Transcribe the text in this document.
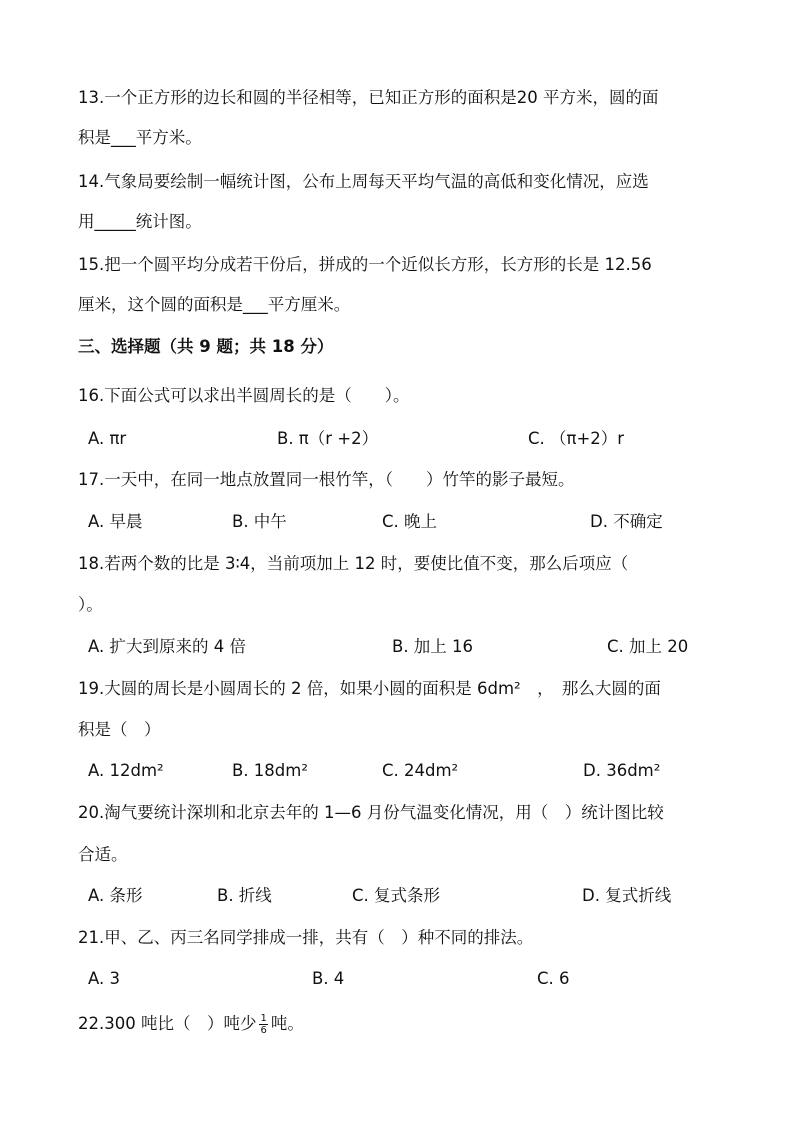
13.一个正方形的边长和圆的半径相等，已知正方形的面积是20 平方米，圆的面
积是___平方米。
14.气象局要绘制一幅统计图，公布上周每天平均气温的高低和变化情况，应选
用_____统计图。
15.把一个圆平均分成若干份后，拼成的一个近似长方形，长方形的长是 12.56
厘米，这个圆的面积是___平方厘米。
三、选择题（共 9 题；共 18 分）
16.下面公式可以求出半圆周长的是（　　）。
A. πr	B. π（r +2）	C. （π+2）r
17.一天中，在同一地点放置同一根竹竿，（　　）竹竿的影子最短。
A. 早晨	B. 中午	C. 晚上	D. 不确定
18.若两个数的比是 3∶4，当前项加上 12 时，要使比值不变，那么后项应（
）。
A. 扩大到原来的 4 倍	B. 加上 16	C. 加上 20
19.大圆的周长是小圆周长的 2 倍，如果小圆的面积是 6dm²　，　那么大圆的面
积是（　）
A. 12dm²	B. 18dm²	C. 24dm²	D. 36dm²
20.淘气要统计深圳和北京去年的 1—6 月份气温变化情况，用（　）统计图比较
合适。
A. 条形	B. 折线	C. 复式条形	D. 复式折线
21.甲、乙、丙三名同学排成一排，共有（　）种不同的排法。
A. 3	B. 4	C. 6
22.300 吨比（　）吨少 $\frac{1}{6}$ 吨。
